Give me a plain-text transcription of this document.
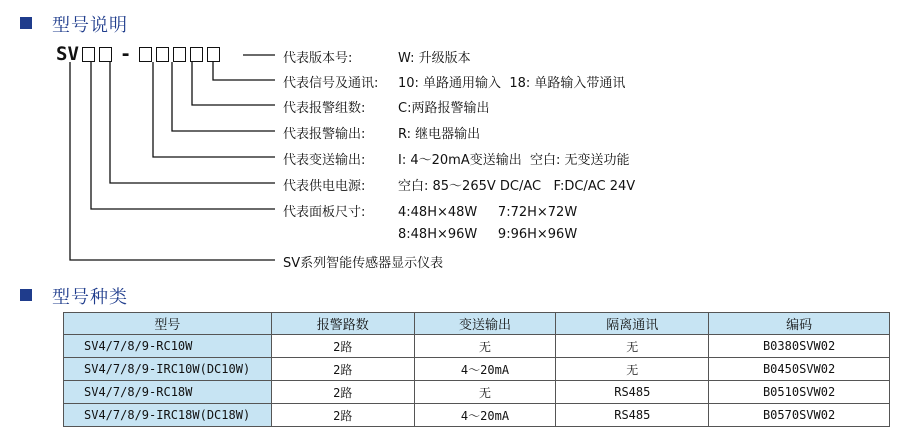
型号说明
SV -	代表版本号:	W: 升级版本
代表信号及通讯: 10: 单路通用输入  18: 单路输入带通讯
代表报警组数:	C:两路报警输出
代表报警输出:	R: 继电器输出
代表变送输出:	I: 4～20mA变送输出  空白: 无变送功能
代表供电电源:	空白: 85～265V DC/AC   F:DC/AC 24V
代表面板尺寸:	4:48H×48W     7:72H×72W
8:48H×96W     9:96H×96W
SV系列智能传感器显示仪表
型号种类
型号	报警路数	变送输出	隔离通讯	编码
SV4/7/8/9-RC10W	2路	无	无	B0380SVW02
SV4/7/8/9-IRC10W(DC10W)	2路	4～20mA	无	B0450SVW02
SV4/7/8/9-RC18W	2路	无	RS485	B0510SVW02
SV4/7/8/9-IRC18W(DC18W)	2路	4～20mA	RS485	B0570SVW02
